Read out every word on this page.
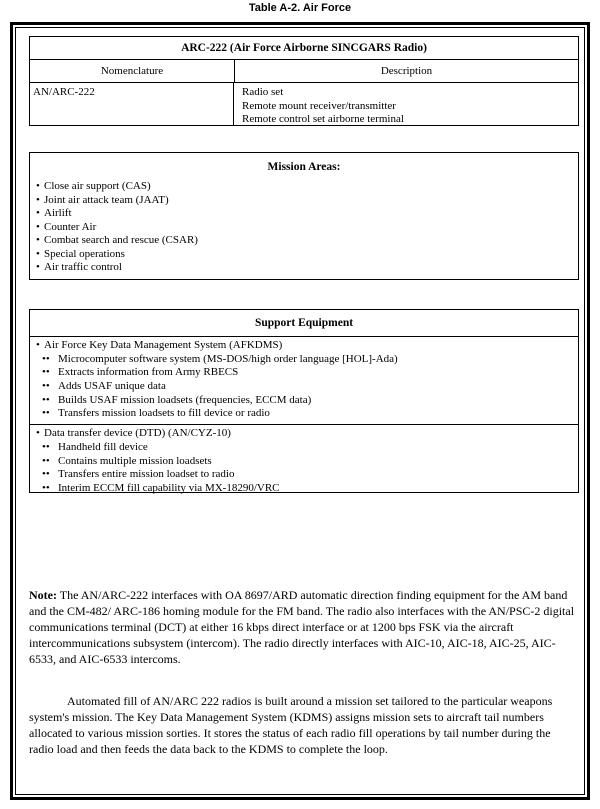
Table A-2. Air Force
ARC-222 (Air Force Airborne SINCGARS Radio)
Nomenclature	Description
AN/ARC-222	Radio set
Remote mount receiver/transmitter
Remote control set airborne terminal
Mission Areas:
• Close air support (CAS)
• Joint air attack team (JAAT)
• Airlift
• Counter Air
• Combat search and rescue (CSAR)
• Special operations
• Air traffic control
Support Equipment
• Air Force Key Data Management System (AFKDMS)
•• Microcomputer software system (MS-DOS/high order language [HOL]-Ada)
•• Extracts information from Army RBECS
•• Adds USAF unique data
•• Builds USAF mission loadsets (frequencies, ECCM data)
•• Transfers mission loadsets to fill device or radio
• Data transfer device (DTD) (AN/CYZ-10)
•• Handheld fill device
•• Contains multiple mission loadsets
•• Transfers entire mission loadset to radio
•• Interim ECCM fill capability via MX-18290/VRC
Note: The AN/ARC-222 interfaces with OA 8697/ARD automatic direction finding equipment for the AM band and the CM-482/ ARC-186 homing module for the FM band. The radio also interfaces with the AN/PSC-2 digital communications terminal (DCT) at either 16 kbps direct interface or at 1200 bps FSK via the aircraft intercommunications subsystem (intercom). The radio directly interfaces with AIC-10, AIC-18, AIC-25, AIC-6533, and AIC-6533 intercoms.
Automated fill of AN/ARC 222 radios is built around a mission set tailored to the particular weapons system's mission. The Key Data Management System (KDMS) assigns mission sets to aircraft tail numbers allocated to various mission sorties. It stores the status of each radio fill operations by tail number during the radio load and then feeds the data back to the KDMS to complete the loop.
